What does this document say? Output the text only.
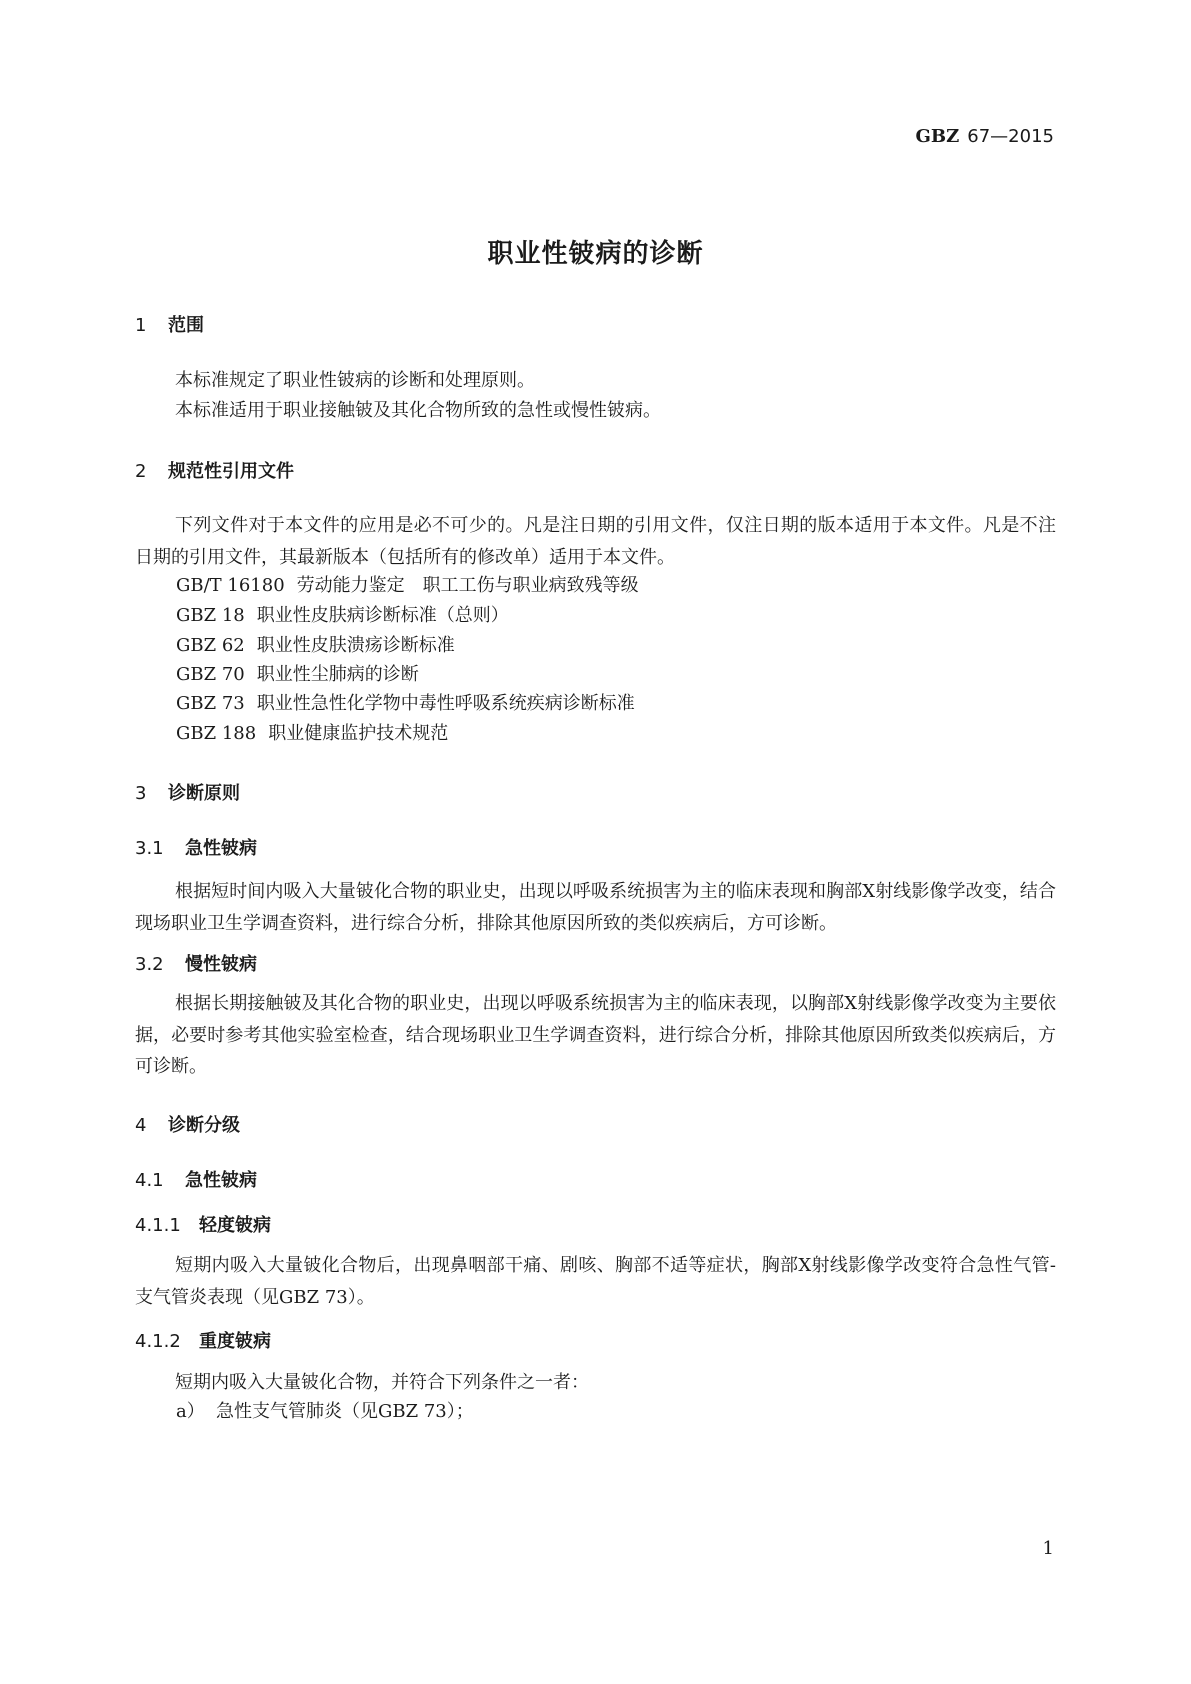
GBZ 67—2015
职业性铍病的诊断
1 范围
本标准规定了职业性铍病的诊断和处理原则。
本标准适用于职业接触铍及其化合物所致的急性或慢性铍病。
2 规范性引用文件
下列文件对于本文件的应用是必不可少的。凡是注日期的引用文件，仅注日期的版本适用于本文件。凡是不注日期的引用文件，其最新版本（包括所有的修改单）适用于本文件。
GB/T 16180 劳动能力鉴定　职工工伤与职业病致残等级
GBZ 18 职业性皮肤病诊断标准（总则）
GBZ 62 职业性皮肤溃疡诊断标准
GBZ 70 职业性尘肺病的诊断
GBZ 73 职业性急性化学物中毒性呼吸系统疾病诊断标准
GBZ 188 职业健康监护技术规范
3 诊断原则
3.1 急性铍病
根据短时间内吸入大量铍化合物的职业史，出现以呼吸系统损害为主的临床表现和胸部X射线影像学改变，结合现场职业卫生学调查资料，进行综合分析，排除其他原因所致的类似疾病后，方可诊断。
3.2 慢性铍病
根据长期接触铍及其化合物的职业史，出现以呼吸系统损害为主的临床表现，以胸部X射线影像学改变为主要依据，必要时参考其他实验室检查，结合现场职业卫生学调查资料，进行综合分析，排除其他原因所致类似疾病后，方可诊断。
4 诊断分级
4.1 急性铍病
4.1.1 轻度铍病
短期内吸入大量铍化合物后，出现鼻咽部干痛、剧咳、胸部不适等症状，胸部X射线影像学改变符合急性气管-支气管炎表现（见GBZ 73）。
4.1.2 重度铍病
短期内吸入大量铍化合物，并符合下列条件之一者：
a） 急性支气管肺炎（见GBZ 73）；
1
